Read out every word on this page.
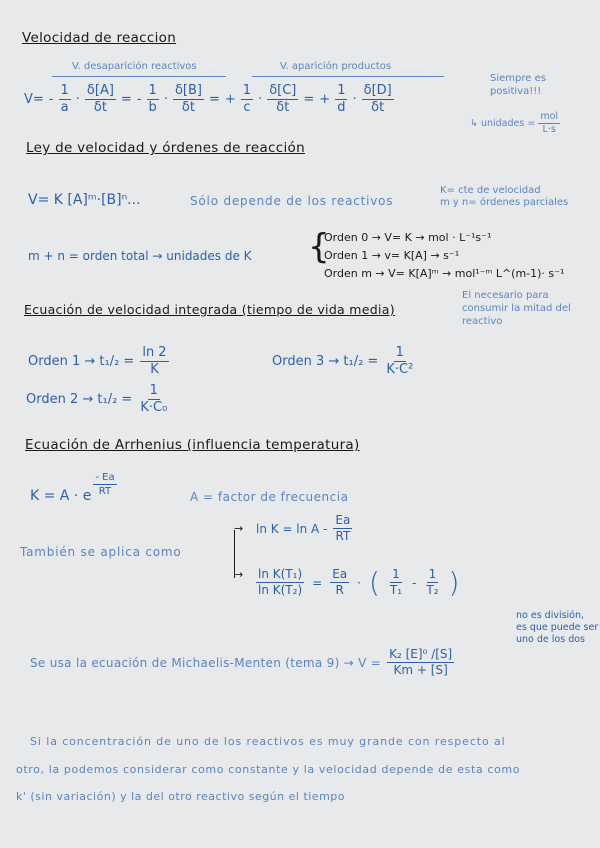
Velocidad de reaccion
V. desaparición reactivos	V. aparición productos
$V= - \frac{1}{a} \cdot \frac{\delta[A]}{\delta t}$ = - $\frac{1}{b} \cdot \frac{\delta[B]}{\delta t}$ = + $\frac{1}{c} \cdot \frac{\delta[C]}{\delta t}$ = + $\frac{1}{d} \cdot \frac{\delta[D]}{\delta t}$
Siempre es positiva!!!
↳ unidades = $\frac{\text{mol}}{L\cdot s}$
Ley de velocidad y órdenes de reacción
V= K [A]ᵐ·[B]ⁿ...	Sólo depende de los reactivos
K= cte de velocidad
m y n= órdenes parciales
m + n = orden total → unidades de K {
Orden 0 → V= K → mol · L⁻¹s⁻¹
Orden 1 → v= K[A] → s⁻¹
Orden m → V= K[A]ᵐ → mol¹⁻ᵐ L^(m-1)· s⁻¹
Ecuación de velocidad integrada (tiempo de vida media)
El necesario para
consumir la mitad del
reactivo
Orden $1 \to t_1/_2 = \frac{\ln 2}{K}$	Orden $3 \to t_1/_2 = \frac{1}{\text{K·C²}}$
Orden $2 \to t_1/_2 = \frac{1}{\text{K·C₀}}$
Ecuación de Arrhenius (influencia temperatura)
K = A · e $\frac{- Ea}{RT}$	A = factor de frecuencia
También se aplica como
→
→
$\ln K = \ln A - \frac{Ea}{RT}$
$\frac{\text{ln K(T₁)}}{\text{ln K(T₂)}} = \frac{Ea}{R}$ · ( $\frac{1}{\text{T₁}} - \frac{1}{\text{T₂}}$ )
no es división,
es que puede ser
uno de los dos
Se usa la ecuación de Michaelis-Menten (tema $9) \to V = \frac{\text{K₂ [E]⁰ /[S]}}{Km + [S]}$
Si la concentración de uno de los reactivos es muy grande con respecto al
otro, la podemos considerar como constante y la velocidad depende de esta como
k' (sin variación) y la del otro reactivo según el tiempo
